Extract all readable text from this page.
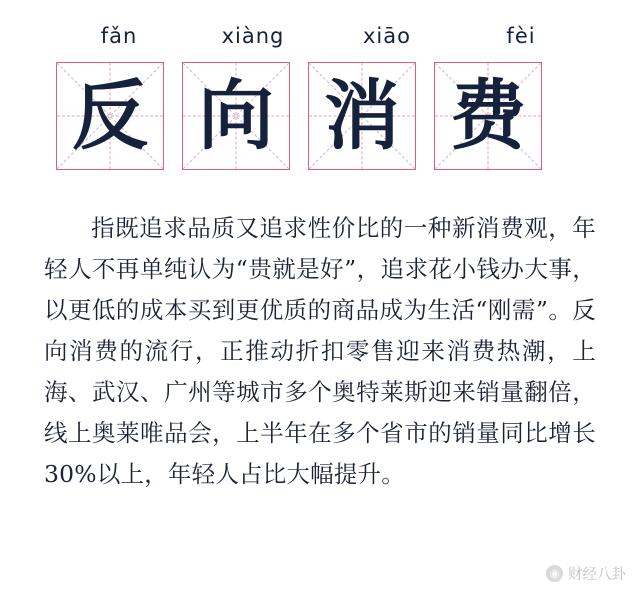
fǎn	xiàng	xiāo	fèi
反 向 消 费
指既追求品质又追求性价比的一种新消费观，年轻人不再单纯认为“贵就是好”，追求花小钱办大事，以更低的成本买到更优质的商品成为生活“刚需”。反向消费的流行，正推动折扣零售迎来消费热潮，上海、武汉、广州等城市多个奥特莱斯迎来销量翻倍，线上奥莱唯品会，上半年在多个省市的销量同比增长30%以上，年轻人占比大幅提升。
◉ 财经八卦
